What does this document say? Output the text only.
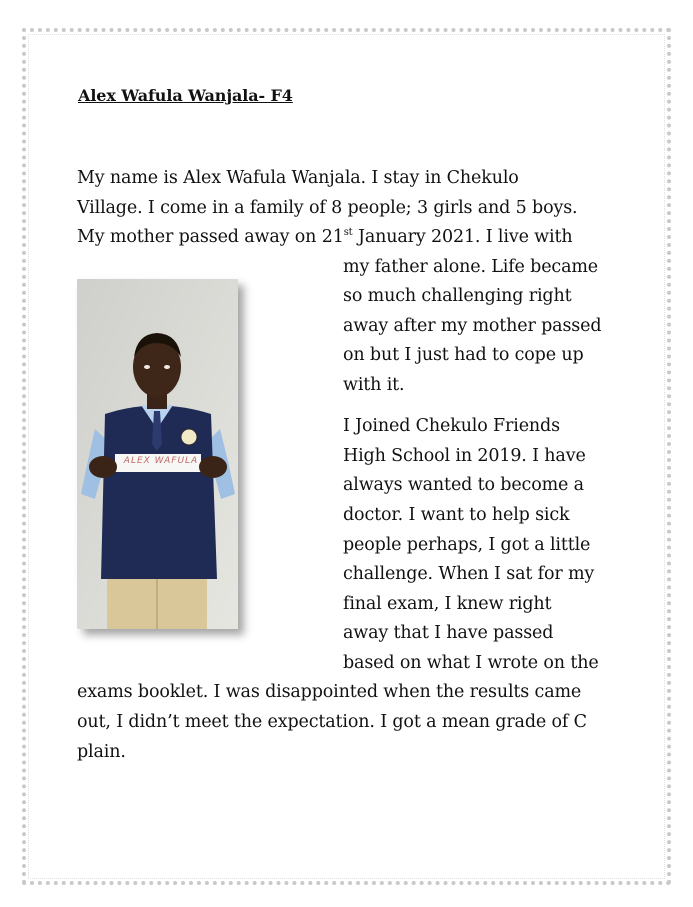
Alex Wafula Wanjala- F4
My name is Alex Wafula Wanjala. I stay in Chekulo
Village. I come in a family of 8 people; 3 girls and 5 boys.
My mother passed away on 21st January 2021. I live with
my father alone. Life became
so much challenging right
away after my mother passed
on but I just had to cope up
with it.
I Joined Chekulo Friends
High School in 2019. I have
always wanted to become a
doctor. I want to help sick
people perhaps, I got a little
challenge. When I sat for my
final exam, I knew right
away that I have passed
based on what I wrote on the
exams booklet. I was disappointed when the results came
out, I didn’t meet the expectation. I got a mean grade of C
plain.
ALEX WAFULA
